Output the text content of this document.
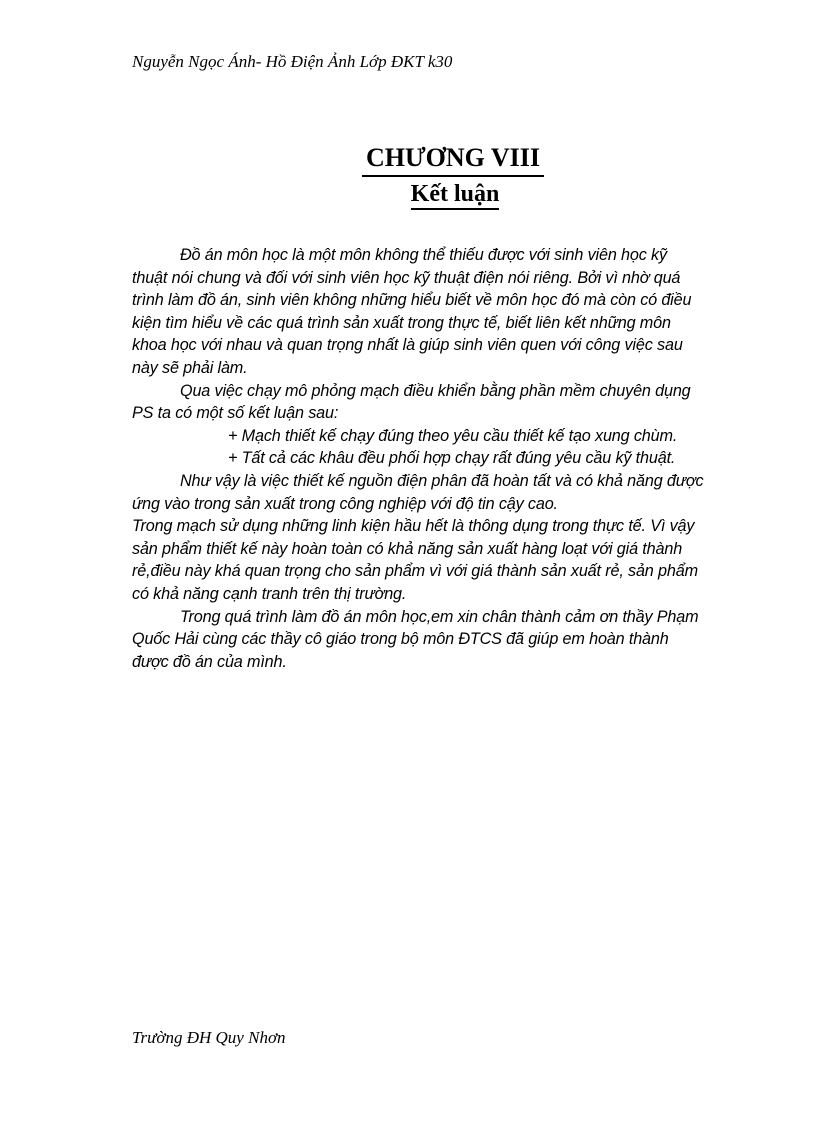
Nguyễn Ngọc Ánh- Hồ Điện Ảnh Lớp ĐKT k30
CHƯƠNG VIII
Kết luận
Đồ án môn học là một môn không thể thiếu được với sinh viên học kỹ
thuật nói chung và đối với sinh viên học kỹ thuật điện nói riêng. Bởi vì nhờ quá
trình làm đồ án, sinh viên không những hiểu biết về môn học đó mà còn có điều
kiện tìm hiểu về các quá trình sản xuất trong thực tế, biết liên kết những môn
khoa học với nhau và quan trọng nhất là giúp sinh viên quen với công việc sau
này sẽ phải làm.
Qua việc chạy mô phỏng mạch điều khiển bằng phần mềm chuyên dụng
PS ta có một số kết luận sau:
+ Mạch thiết kế chạy đúng theo yêu cầu thiết kế tạo xung chùm.
+ Tất cả các khâu đều phối hợp chạy rất đúng yêu cầu kỹ thuật.
Như vậy là việc thiết kế nguồn điện phân đã hoàn tất và có khả năng được
ứng vào trong sản xuất trong công nghiệp với độ tin cậy cao.
Trong mạch sử dụng những linh kiện hầu hết là thông dụng trong thực tế. Vì vậy
sản phẩm thiết kế này hoàn toàn có khả năng sản xuất hàng loạt với giá thành
rẻ,điều này khá quan trọng cho sản phẩm vì với giá thành sản xuất rẻ, sản phẩm
có khả năng cạnh tranh trên thị trường.
Trong quá trình làm đồ án môn học,em xin chân thành cảm ơn thầy Phạm
Quốc Hải cùng các thầy cô giáo trong bộ môn ĐTCS đã giúp em hoàn thành
được đồ án của mình.
Trường ĐH Quy Nhơn
